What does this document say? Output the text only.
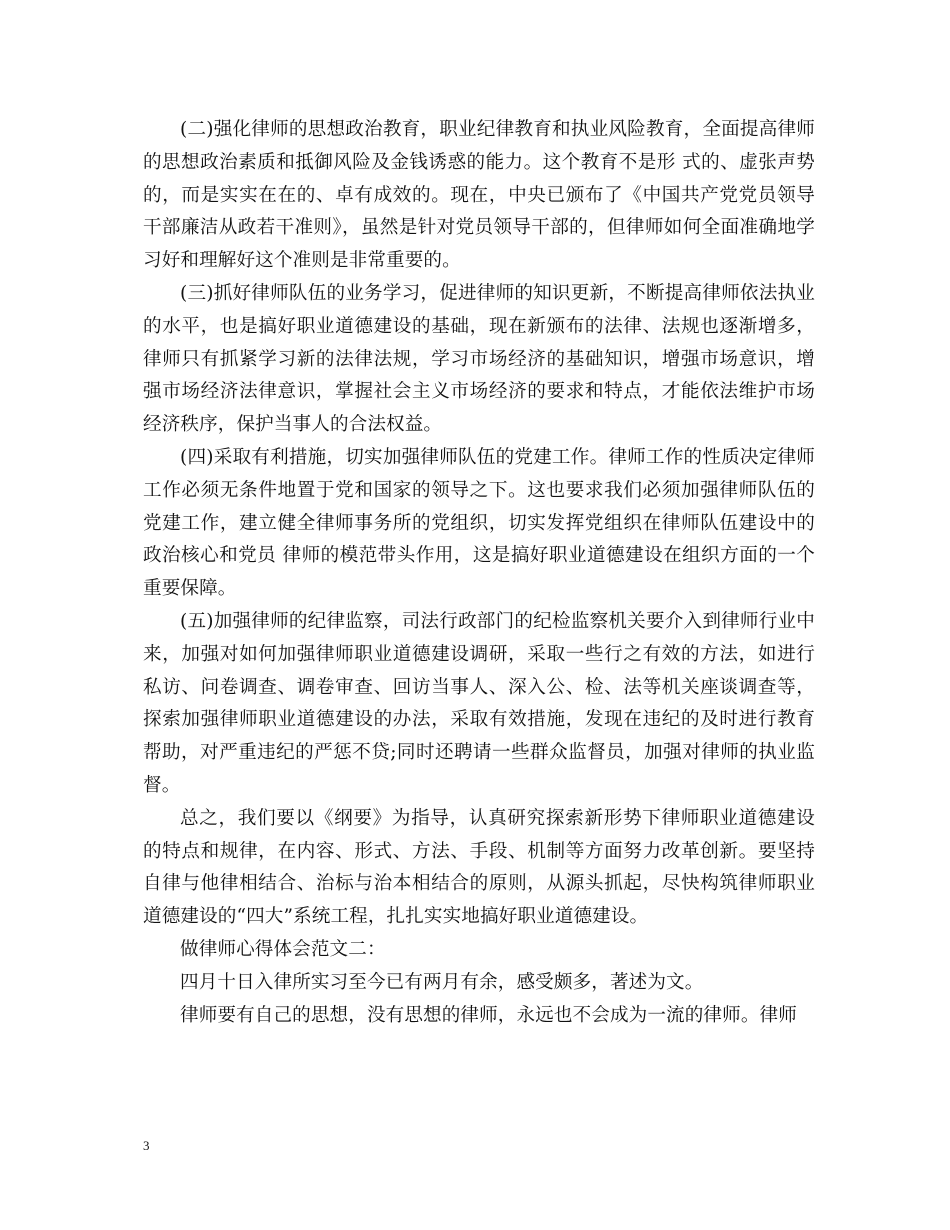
(二)强化律师的思想政治教育，职业纪律教育和执业风险教育，全面提高律师的思想政治素质和抵御风险及金钱诱惑的能力。这个教育不是形 式的、虚张声势的，而是实实在在的、卓有成效的。现在，中央已颁布了《中国共产党党员领导干部廉洁从政若干准则》，虽然是针对党员领导干部的，但律师如何全面准确地学习好和理解好这个准则是非常重要的。

(三)抓好律师队伍的业务学习，促进律师的知识更新，不断提高律师依法执业的水平，也是搞好职业道德建设的基础，现在新颁布的法律、法规也逐渐增多，律师只有抓紧学习新的法律法规，学习市场经济的基础知识，增强市场意识，增强市场经济法律意识，掌握社会主义市场经济的要求和特点，才能依法维护市场经济秩序，保护当事人的合法权益。

(四)采取有利措施，切实加强律师队伍的党建工作。律师工作的性质决定律师工作必须无条件地置于党和国家的领导之下。这也要求我们必须加强律师队伍的党建工作，建立健全律师事务所的党组织，切实发挥党组织在律师队伍建设中的政治核心和党员 律师的模范带头作用，这是搞好职业道德建设在组织方面的一个重要保障。

(五)加强律师的纪律监察，司法行政部门的纪检监察机关要介入到律师行业中来，加强对如何加强律师职业道德建设调研，采取一些行之有效的方法，如进行私访、问卷调查、调卷审查、回访当事人、深入公、检、法等机关座谈调查等，探索加强律师职业道德建设的办法，采取有效措施，发现在违纪的及时进行教育帮助，对严重违纪的严惩不贷;同时还聘请一些群众监督员，加强对律师的执业监督。

总之，我们要以《纲要》为指导，认真研究探索新形势下律师职业道德建设的特点和规律，在内容、形式、方法、手段、机制等方面努力改革创新。要坚持自律与他律相结合、治标与治本相结合的原则，从源头抓起，尽快构筑律师职业道德建设的“四大”系统工程，扎扎实实地搞好职业道德建设。

做律师心得体会范文二：

四月十日入律所实习至今已有两月有余，感受颇多，著述为文。

律师要有自己的思想，没有思想的律师，永远也不会成为一流的律师。律师

3
